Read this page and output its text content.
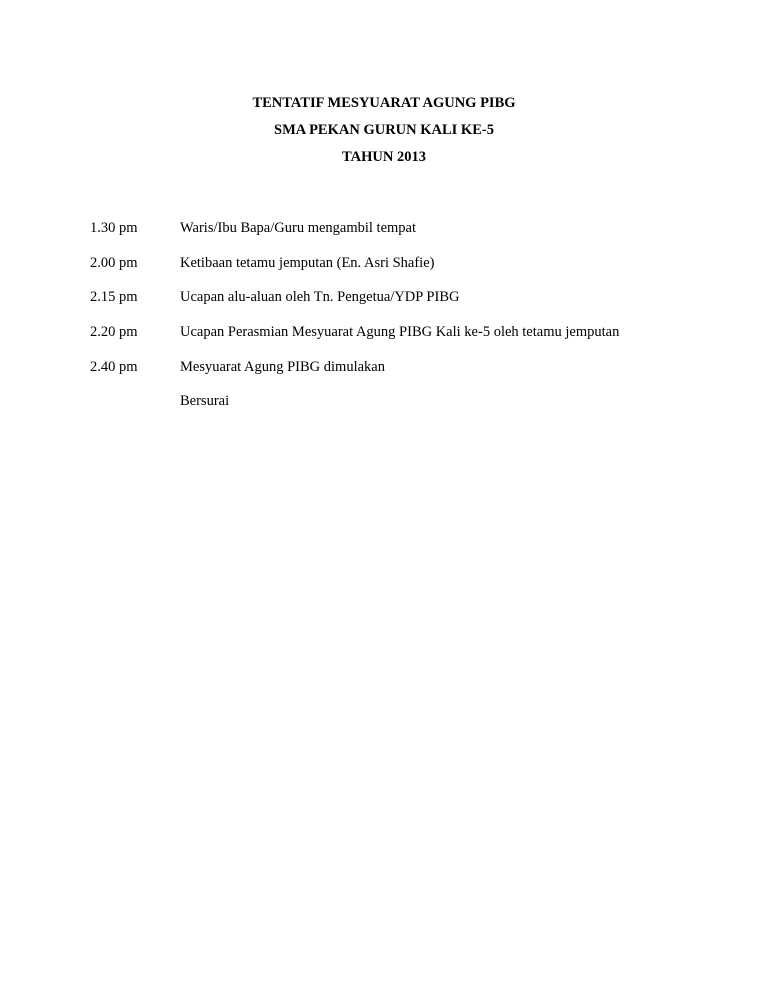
TENTATIF MESYUARAT AGUNG PIBG
SMA PEKAN GURUN KALI KE-5
TAHUN 2013
1.30 pm	Waris/Ibu Bapa/Guru mengambil tempat
2.00 pm	Ketibaan tetamu jemputan (En. Asri Shafie)
2.15 pm	Ucapan alu-aluan oleh Tn. Pengetua/YDP PIBG
2.20 pm	Ucapan Perasmian Mesyuarat Agung PIBG Kali ke-5 oleh tetamu jemputan
2.40 pm	Mesyuarat Agung PIBG dimulakan
Bersurai
